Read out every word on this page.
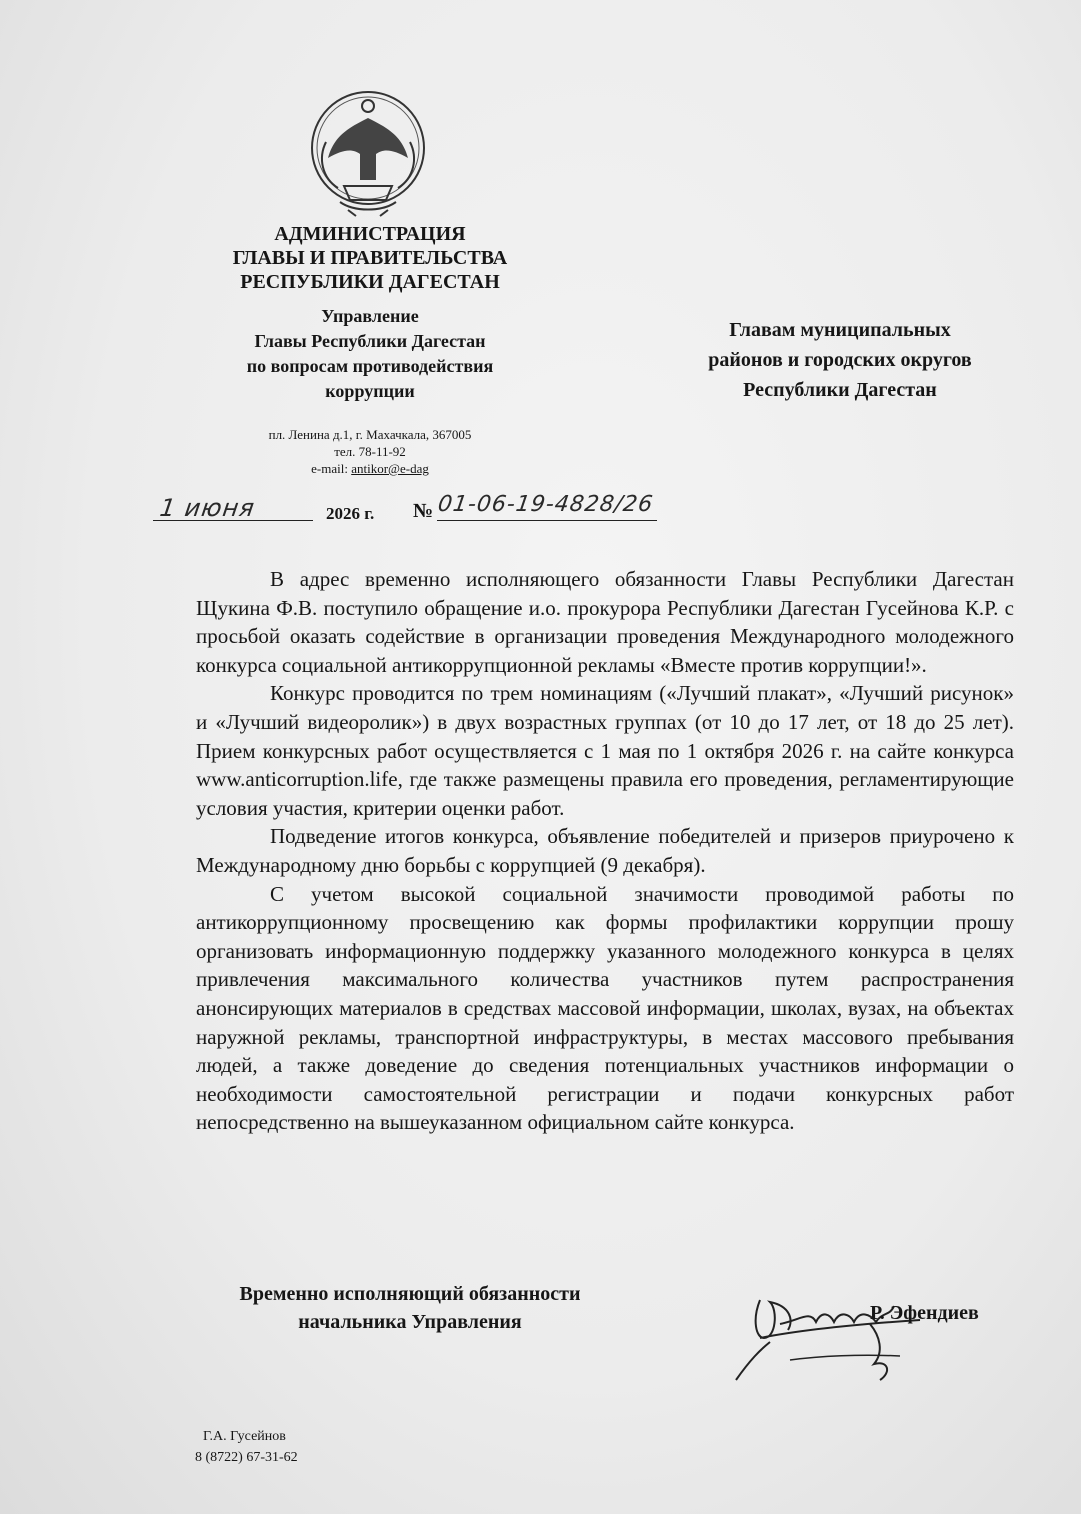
АДМИНИСТРАЦИЯ
ГЛАВЫ И ПРАВИТЕЛЬСТВА
РЕСПУБЛИКИ ДАГЕСТАН
Управление
Главы Республики Дагестан
по вопросам противодействия
коррупции
пл. Ленина д.1, г. Махачкала, 367005
тел. 78-11-92
e-mail: antikor@e-dag
Главам муниципальных
районов и городских округов
Республики Дагестан
1 июня	2026 г. № 01-06-19-4828/26

В адрес временно исполняющего обязанности Главы Республики Дагестан Щукина Ф.В. поступило обращение и.о. прокурора Республики Дагестан Гусейнова К.Р. с просьбой оказать содействие в организации проведения Международного молодежного конкурса социальной антикоррупционной рекламы «Вместе против коррупции!».

Конкурс проводится по трем номинациям («Лучший плакат», «Лучший рисунок» и «Лучший видеоролик») в двух возрастных группах (от 10 до 17 лет, от 18 до 25 лет). Прием конкурсных работ осуществляется с 1 мая по 1 октября 2026 г. на сайте конкурса www.anticorruption.life, где также размещены правила его проведения, регламентирующие условия участия, критерии оценки работ.

Подведение итогов конкурса, объявление победителей и призеров приурочено к Международному дню борьбы с коррупцией (9 декабря).

С учетом высокой социальной значимости проводимой работы по антикоррупционному просвещению как формы профилактики коррупции прошу организовать информационную поддержку указанного молодежного конкурса в целях привлечения максимального количества участников путем распространения анонсирующих материалов в средствах массовой информации, школах, вузах, на объектах наружной рекламы, транспортной инфраструктуры, в местах массового пребывания людей, а также доведение до сведения потенциальных участников информации о необходимости самостоятельной регистрации и подачи конкурсных работ непосредственно на вышеуказанном официальном сайте конкурса.

Временно исполняющий обязанности
начальника Управления	Р. Эфендиев
Г.А. Гусейнов
8 (8722) 67-31-62
